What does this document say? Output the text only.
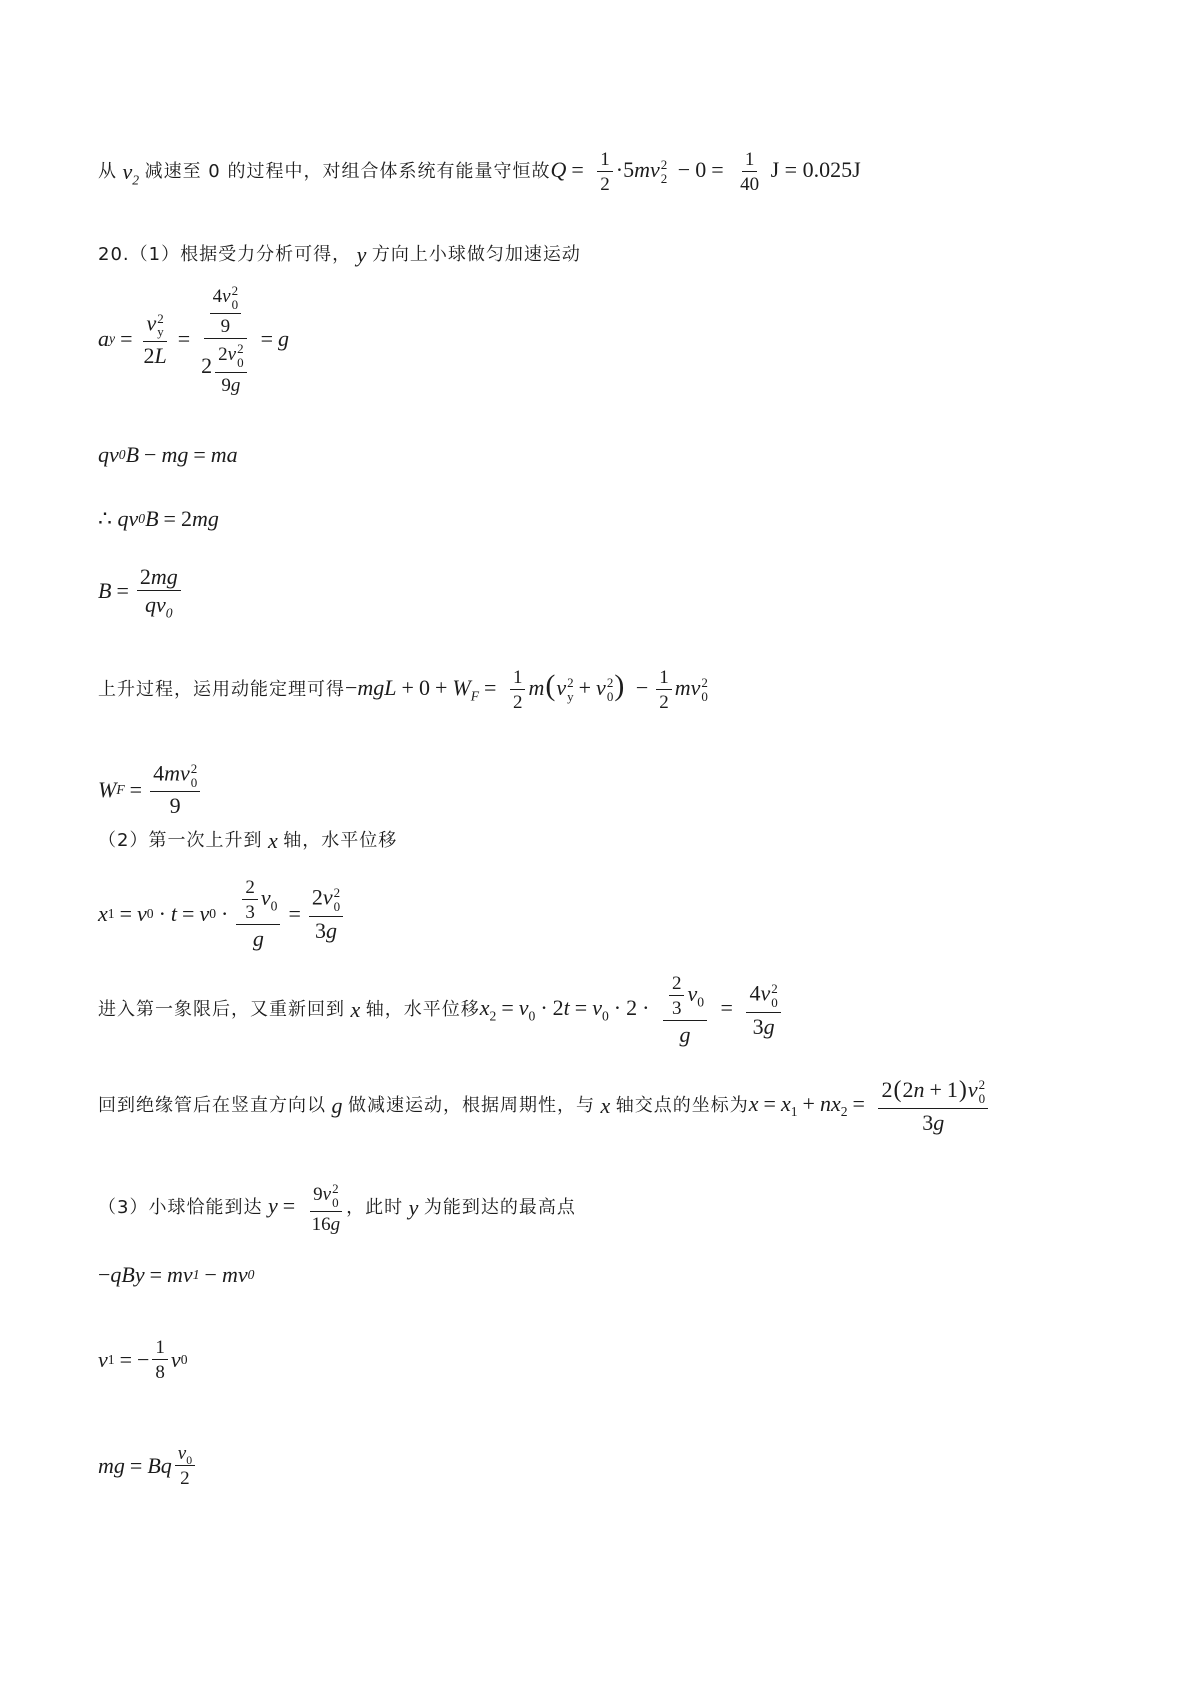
从 $v_2$ 减速至 0 的过程中，对组合体系统有能量守恒故 $Q = \frac{1}{2} \cdot 5mv$ 2
$2 - 0 = \frac{1}{40}$ J = 0.025J
20.（1）根据受力分析可得， y 方向上小球做匀加速运动
a y = v 2
y
2L = 4v 2
0
9
2 2v 2
0
9g = g
qv 0 B − mg = ma
∴ qv 0 B = 2 mg
$B = \frac{2mg}{qv_0}$
上升过程，运用动能定理可得 $-mgL + 0 + W_F = \frac{1}{2} m(v$ 2
y + v 2
0 ) − $\frac{1}{2}$ mv 2
0
W F = 4mv 2
0
9
（2）第一次上升到 x 轴，水平位移
x 1 = v 0 · t = v $0 \cdot \frac{\frac{2}{3} v_0}{g} = 2v$ 2
0
3g
进入第一象限后，又重新回到 x 轴，水平位移 $x_2 = v_0 \cdot 2t = v_0 \cdot 2 \cdot \frac{\frac{2}{3} v_0}{g} = 4v$ 2
0
3g
回到绝缘管后在竖直方向以 g 做减速运动，根据周期性，与 x 轴交点的坐标为 $x = x_1 + nx_2 = 2(2n + 1)v$ 2
0
3g
（3）小球恰能到达 y = 9v 2
0
16g ，此时 y 为能到达的最高点
− qBy = mv 1 − mv 0
v 1 = − $\frac{1}{8}$ v 0
mg = Bq $\frac{v_0}{2}$
